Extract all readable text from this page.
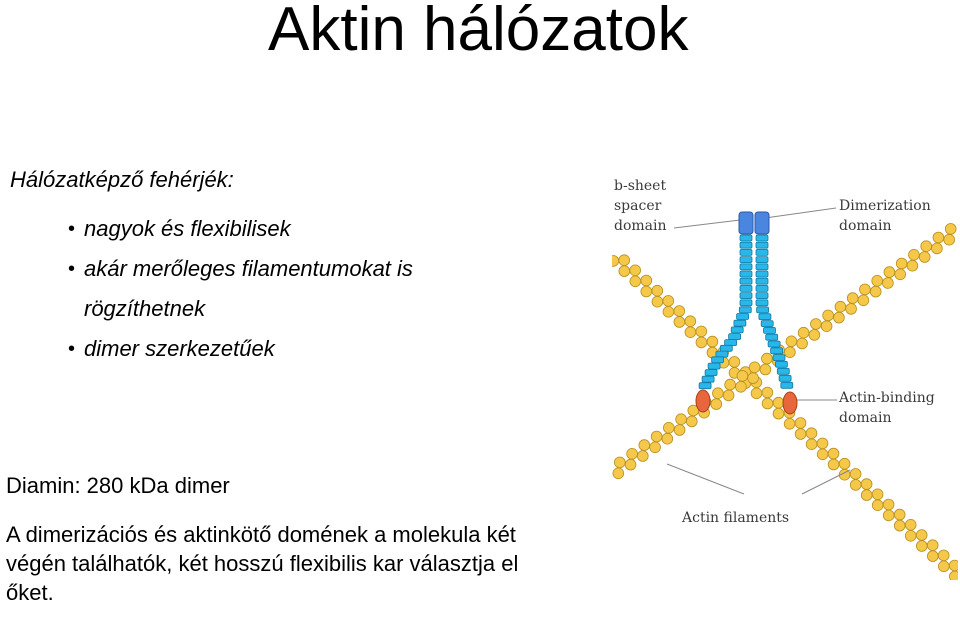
Aktin hálózatok
Hálózatképző fehérjék:
• nagyok és flexibilisek
• akár merőleges filamentumokat is rögzíthetnek
• dimer szerkezetűek
Diamin: 280 kDa dimer
A dimerizációs és aktinkötő domének a molekula két végén találhatók, két hosszú flexibilis kar választja el őket.
b-sheet
spacer
domain
Dimerization
domain
Actin-binding
domain
Actin filaments
